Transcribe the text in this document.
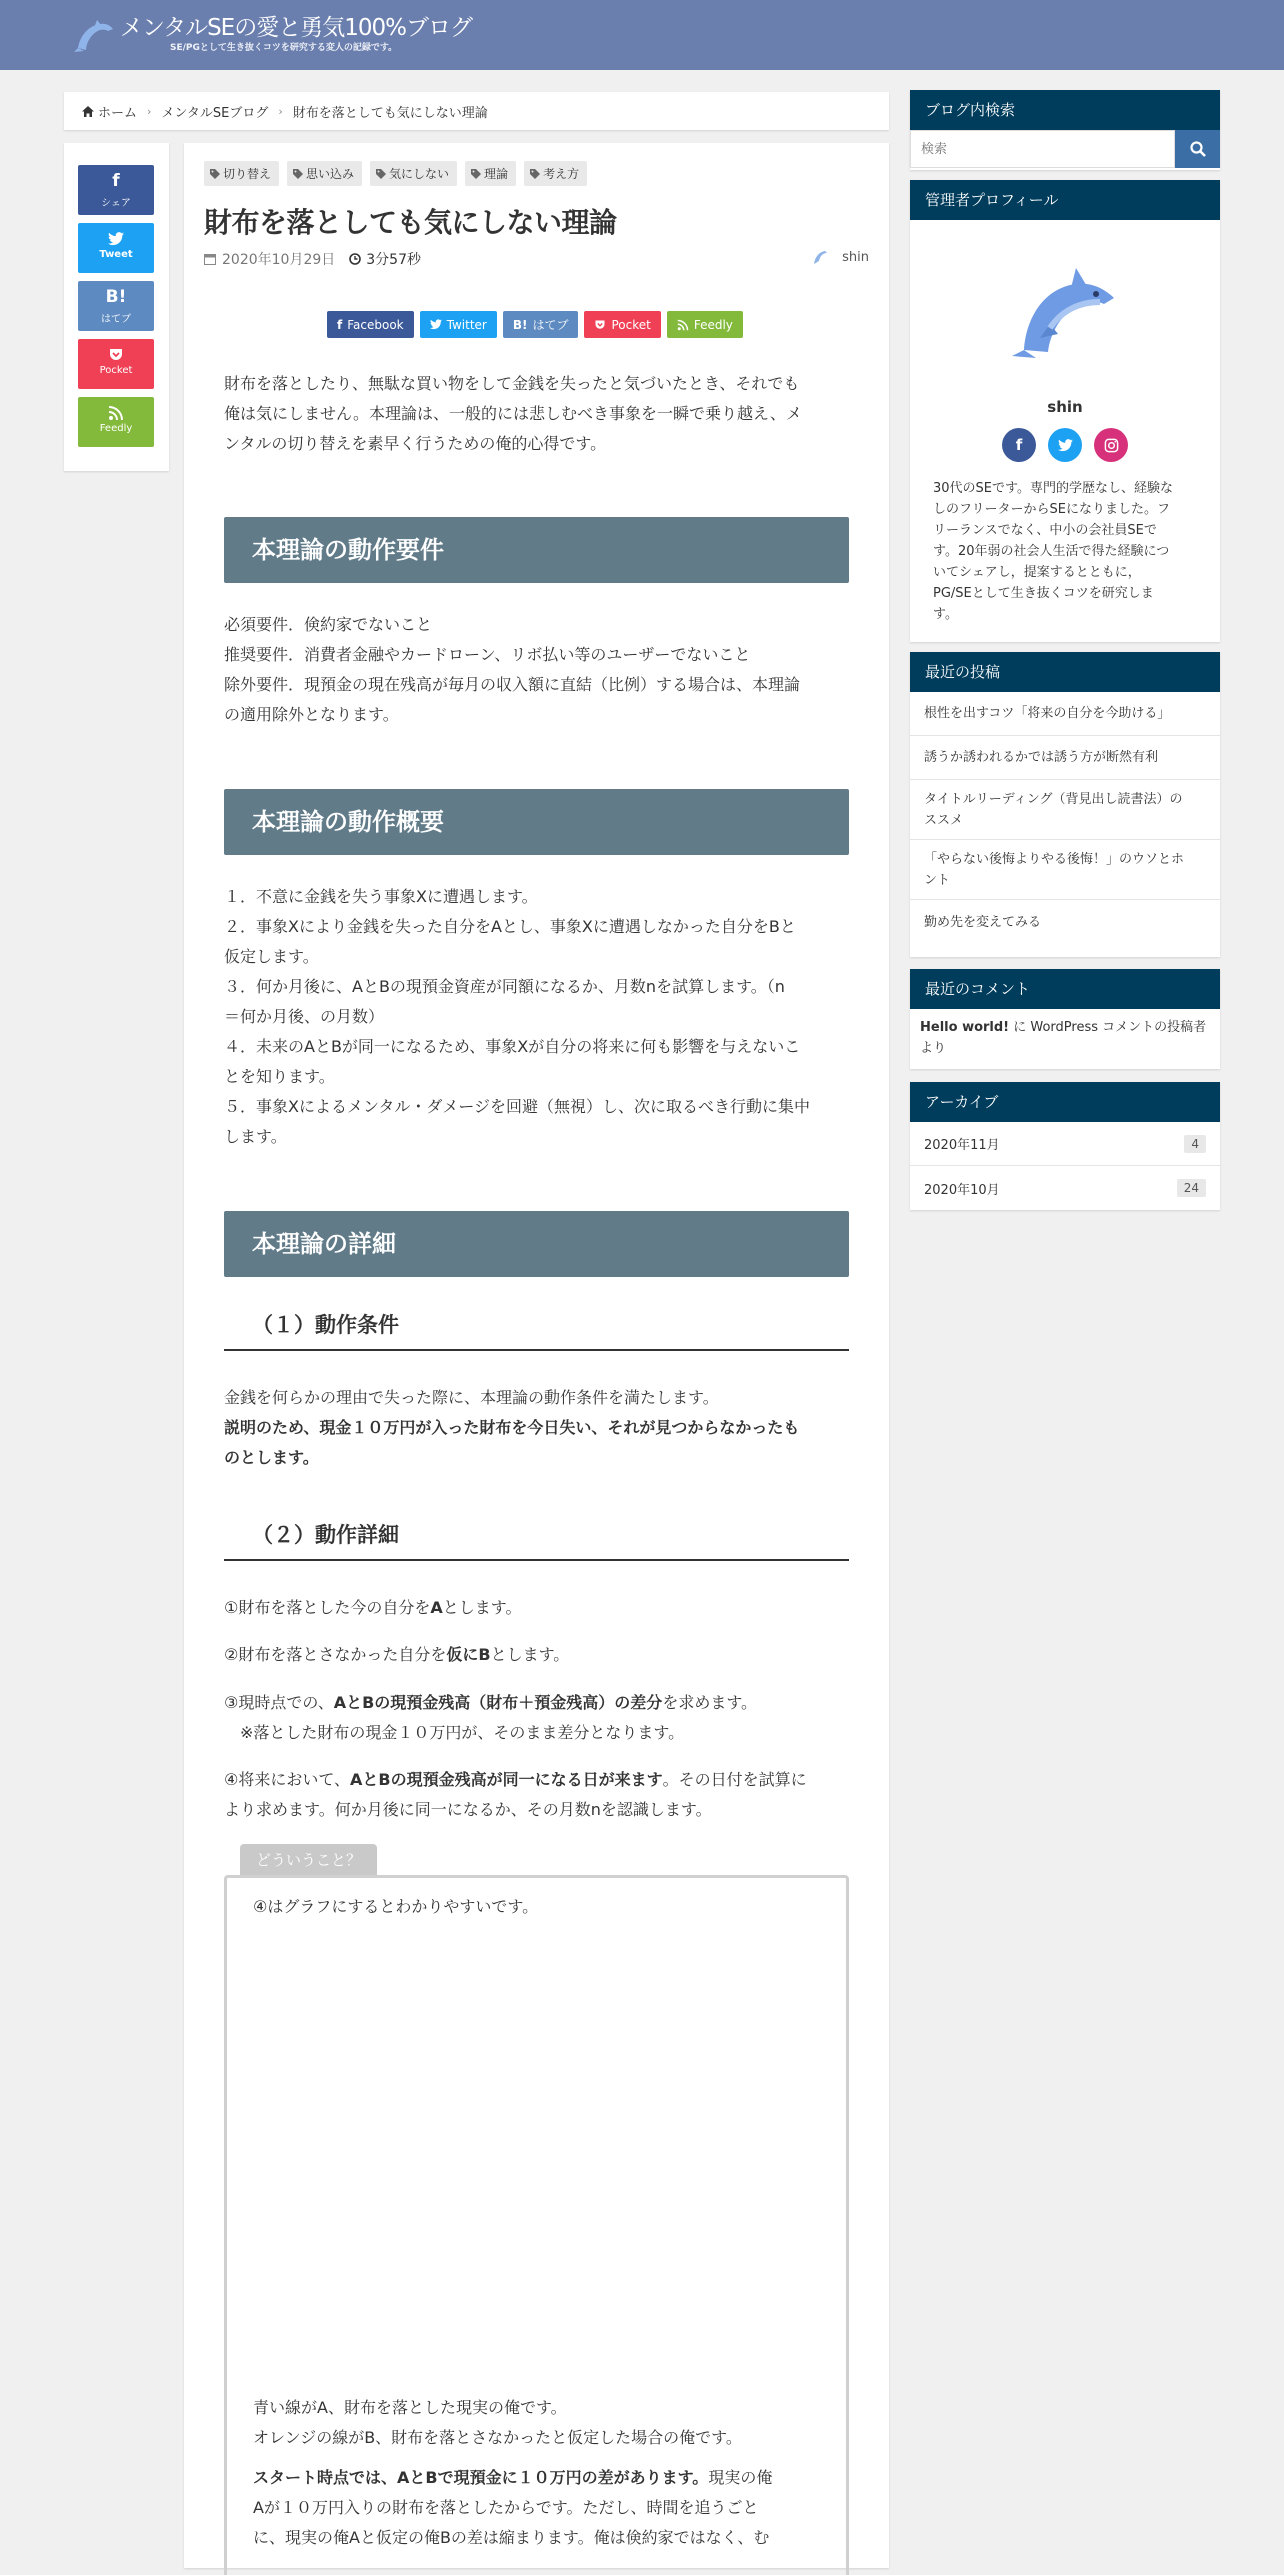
メンタルSEの愛と勇気100%ブログ
SE/PGとして生き抜くコツを研究する変人の記録です。
ホーム › メンタルSEブログ › 財布を落としても気にしない理論
f
シェア
Tweet
B!
はてブ
Pocket
Feedly
切り替え	思い込み	気にしない	理論	考え方
財布を落としても気にしない理論
2020年10月29日 3分57秒	shin
f Facebook	Twitter B! はてブ	Pocket	Feedly
財布を落としたり、無駄な買い物をして金銭を失ったと気づいたとき、それでも
俺は気にしません。本理論は、一般的には悲しむべき事象を一瞬で乗り越え、メ
ンタルの切り替えを素早く行うための俺的心得です。
本理論の動作要件
必須要件．倹約家でないこと
推奨要件．消費者金融やカードローン、リボ払い等のユーザーでないこと
除外要件．現預金の現在残高が毎月の収入額に直結（比例）する場合は、本理論
の適用除外となります。
本理論の動作概要
１．不意に金銭を失う事象Xに遭遇します。
２．事象Xにより金銭を失った自分をAとし、事象Xに遭遇しなかった自分をBと
仮定します。
３．何か月後に、AとBの現預金資産が同額になるか、月数nを試算します。（n
＝何か月後、の月数）
４．未来のAとBが同一になるため、事象Xが自分の将来に何も影響を与えないこ
とを知ります。
５．事象Xによるメンタル・ダメージを回避（無視）し、次に取るべき行動に集中
します。
本理論の詳細
（１）動作条件
金銭を何らかの理由で失った際に、本理論の動作条件を満たします。
説明のため、現金１０万円が入った財布を今日失い、それが見つからなかったも
のとします。
（２）動作詳細
①財布を落とした今の自分をAとします。
②財布を落とさなかった自分を仮にBとします。
③現時点での、AとBの現預金残高（財布＋預金残高）の差分を求めます。
※落とした財布の現金１０万円が、そのまま差分となります。
④将来において、AとBの現預金残高が同一になる日が来ます。その日付を試算に
より求めます。何か月後に同一になるか、その月数nを認識します。
どういうこと？
④はグラフにするとわかりやすいです。
青い線がA、財布を落とした現実の俺です。
オレンジの線がB、財布を落とさなかったと仮定した場合の俺です。
スタート時点では、AとBで現預金に１０万円の差があります。現実の俺
Aが１０万円入りの財布を落としたからです。ただし、時間を追うごと
に、現実の俺Aと仮定の俺Bの差は縮まります。俺は倹約家ではなく、む
ブログ内検索
検索
管理者プロフィール
shin
f
30代のSEです。専門的学歴なし、経験な
しのフリーターからSEになりました。フ
リーランスでなく、中小の会社員SEで
す。20年弱の社会人生活で得た経験につ
いてシェアし，提案するとともに，
PG/SEとして生き抜くコツを研究しま
す。
最近の投稿
根性を出すコツ「将来の自分を今助ける」
誘うか誘われるかでは誘う方が断然有利
タイトルリーディング（背見出し読書法）の
ススメ
「やらない後悔よりやる後悔！」のウソとホ
ント
勤め先を変えてみる
最近のコメント
Hello world! に WordPress コメントの投稿者
より
アーカイブ
2020年11月	4
2020年10月	24
